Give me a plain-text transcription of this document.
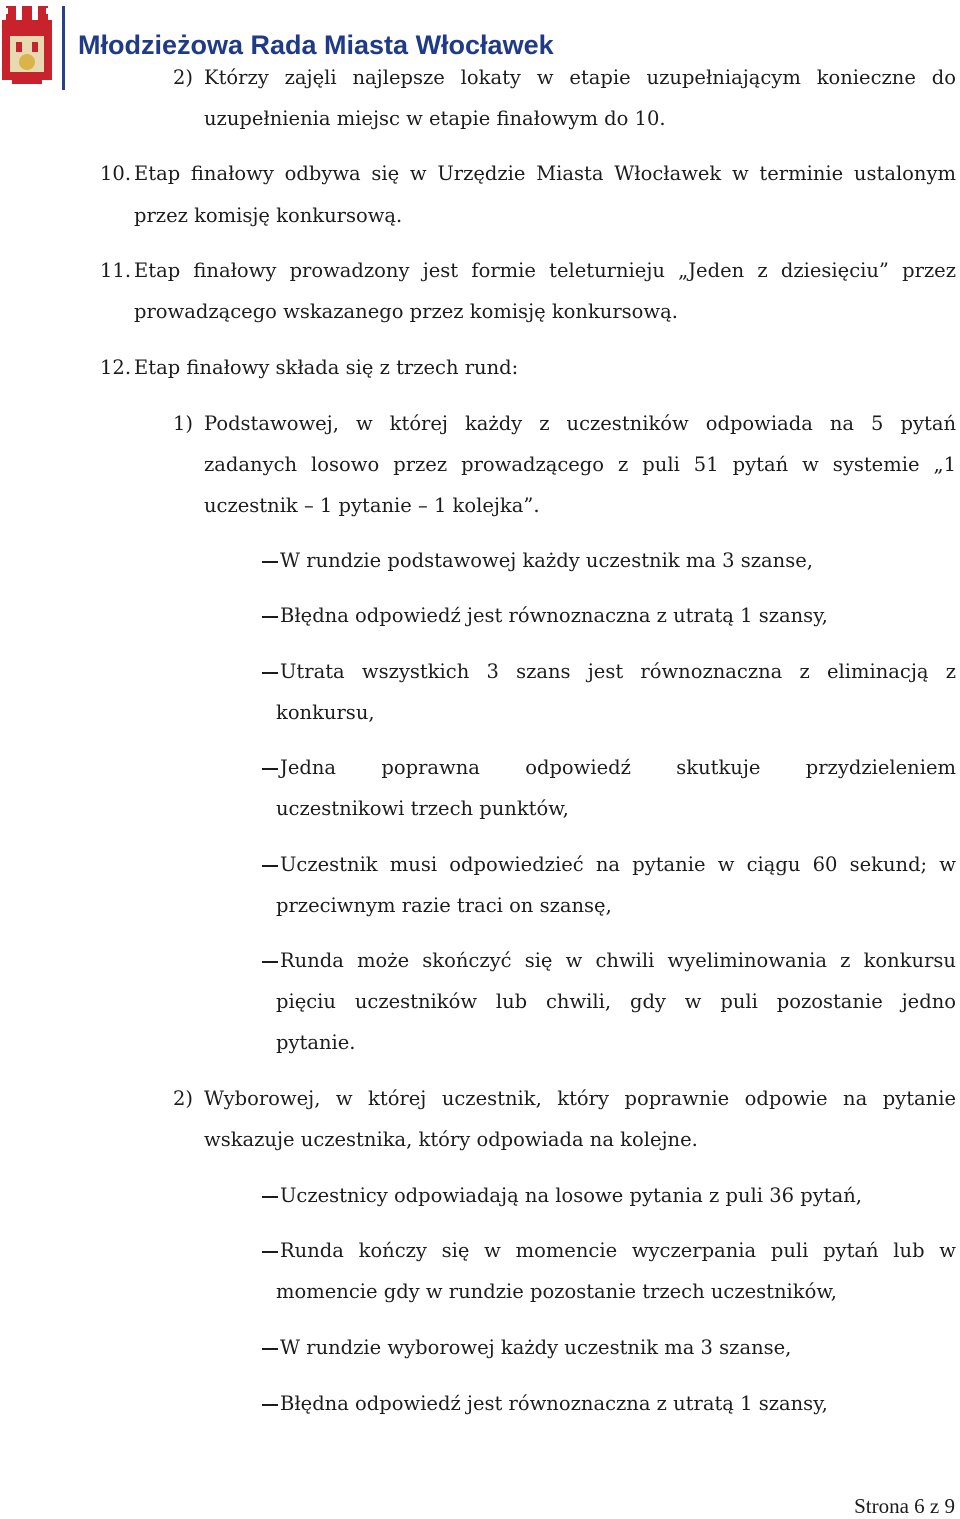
Młodzieżowa Rada Miasta Włocławek
2) Którzy zajęli najlepsze lokaty w etapie uzupełniającym konieczne do
uzupełnienia miejsc w etapie finałowym do 10.
10. Etap finałowy odbywa się w Urzędzie Miasta Włocławek w terminie ustalonym
przez komisję konkursową.
11. Etap finałowy prowadzony jest formie teleturnieju „Jeden z dziesięciu” przez
prowadzącego wskazanego przez komisję konkursową.
12. Etap finałowy składa się z trzech rund:
1) Podstawowej, w której każdy z uczestników odpowiada na 5 pytań
zadanych losowo przez prowadzącego z puli 51 pytań w systemie „1
uczestnik – 1 pytanie – 1 kolejka”.
W rundzie podstawowej każdy uczestnik ma 3 szanse,
Błędna odpowiedź jest równoznaczna z utratą 1 szansy,
Utrata wszystkich 3 szans jest równoznaczna z eliminacją z
konkursu,
Jedna poprawna odpowiedź skutkuje przydzieleniem
uczestnikowi trzech punktów,
Uczestnik musi odpowiedzieć na pytanie w ciągu 60 sekund; w
przeciwnym razie traci on szansę,
Runda może skończyć się w chwili wyeliminowania z konkursu
pięciu uczestników lub chwili, gdy w puli pozostanie jedno
pytanie.
2) Wyborowej, w której uczestnik, który poprawnie odpowie na pytanie
wskazuje uczestnika, który odpowiada na kolejne.
Uczestnicy odpowiadają na losowe pytania z puli 36 pytań,
Runda kończy się w momencie wyczerpania puli pytań lub w
momencie gdy w rundzie pozostanie trzech uczestników,
W rundzie wyborowej każdy uczestnik ma 3 szanse,
Błędna odpowiedź jest równoznaczna z utratą 1 szansy,
Strona 6 z 9
